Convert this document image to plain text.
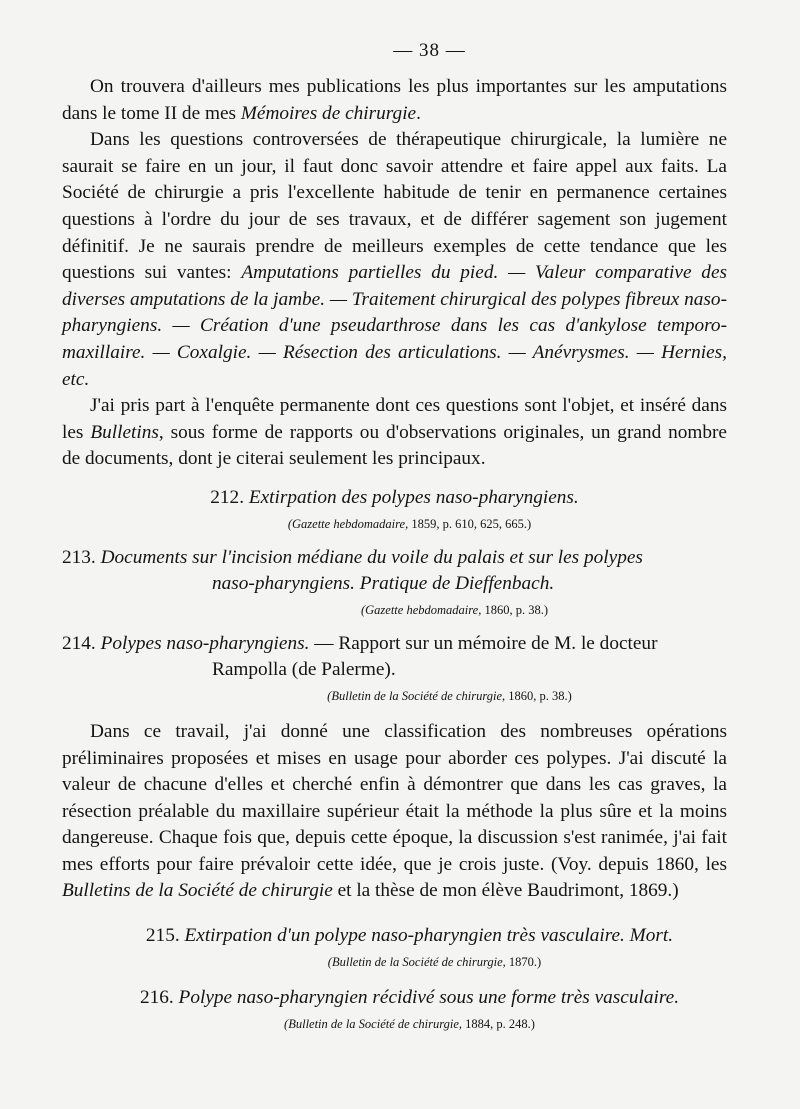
— 38 —

On trouvera d'ailleurs mes publications les plus importantes sur les amputations dans le tome II de mes Mémoires de chirurgie.

Dans les questions controversées de thérapeutique chirurgicale, la lumière ne saurait se faire en un jour, il faut donc savoir attendre et faire appel aux faits. La Société de chirurgie a pris l'excellente habitude de tenir en permanence certaines questions à l'ordre du jour de ses travaux, et de différer sagement son jugement définitif. Je ne saurais prendre de meilleurs exemples de cette tendance que les questions sui vantes: Amputations partielles du pied. — Valeur comparative des diverses amputations de la jambe. — Traitement chirurgical des polypes fibreux naso-pharyngiens. — Création d'une pseudarthrose dans les cas d'ankylose temporo-maxillaire. — Coxalgie. — Résection des articulations. — Anévrysmes. — Hernies, etc.

J'ai pris part à l'enquête permanente dont ces questions sont l'objet, et inséré dans les Bulletins, sous forme de rapports ou d'observations originales, un grand nombre de documents, dont je citerai seulement les principaux.

212. Extirpation des polypes naso-pharyngiens.
(Gazette hebdomadaire, 1859, p. 610, 625, 665.)
213. Documents sur l'incision médiane du voile du palais et sur les polypes
naso-pharyngiens. Pratique de Dieffenbach.
(Gazette hebdomadaire, 1860, p. 38.)
214. Polypes naso-pharyngiens. — Rapport sur un mémoire de M. le docteur
Rampolla (de Palerme).
(Bulletin de la Société de chirurgie, 1860, p. 38.)

Dans ce travail, j'ai donné une classification des nombreuses opérations préliminaires proposées et mises en usage pour aborder ces polypes. J'ai discuté la valeur de chacune d'elles et cherché enfin à démontrer que dans les cas graves, la résection préalable du maxillaire supérieur était la méthode la plus sûre et la moins dangereuse. Chaque fois que, depuis cette époque, la discussion s'est ranimée, j'ai fait mes efforts pour faire prévaloir cette idée, que je crois juste. (Voy. depuis 1860, les Bulletins de la Société de chirurgie et la thèse de mon élève Baudrimont, 1869.)

215. Extirpation d'un polype naso-pharyngien très vasculaire. Mort.
(Bulletin de la Société de chirurgie, 1870.)
216. Polype naso-pharyngien récidivé sous une forme très vasculaire.
(Bulletin de la Société de chirurgie, 1884, p. 248.)
